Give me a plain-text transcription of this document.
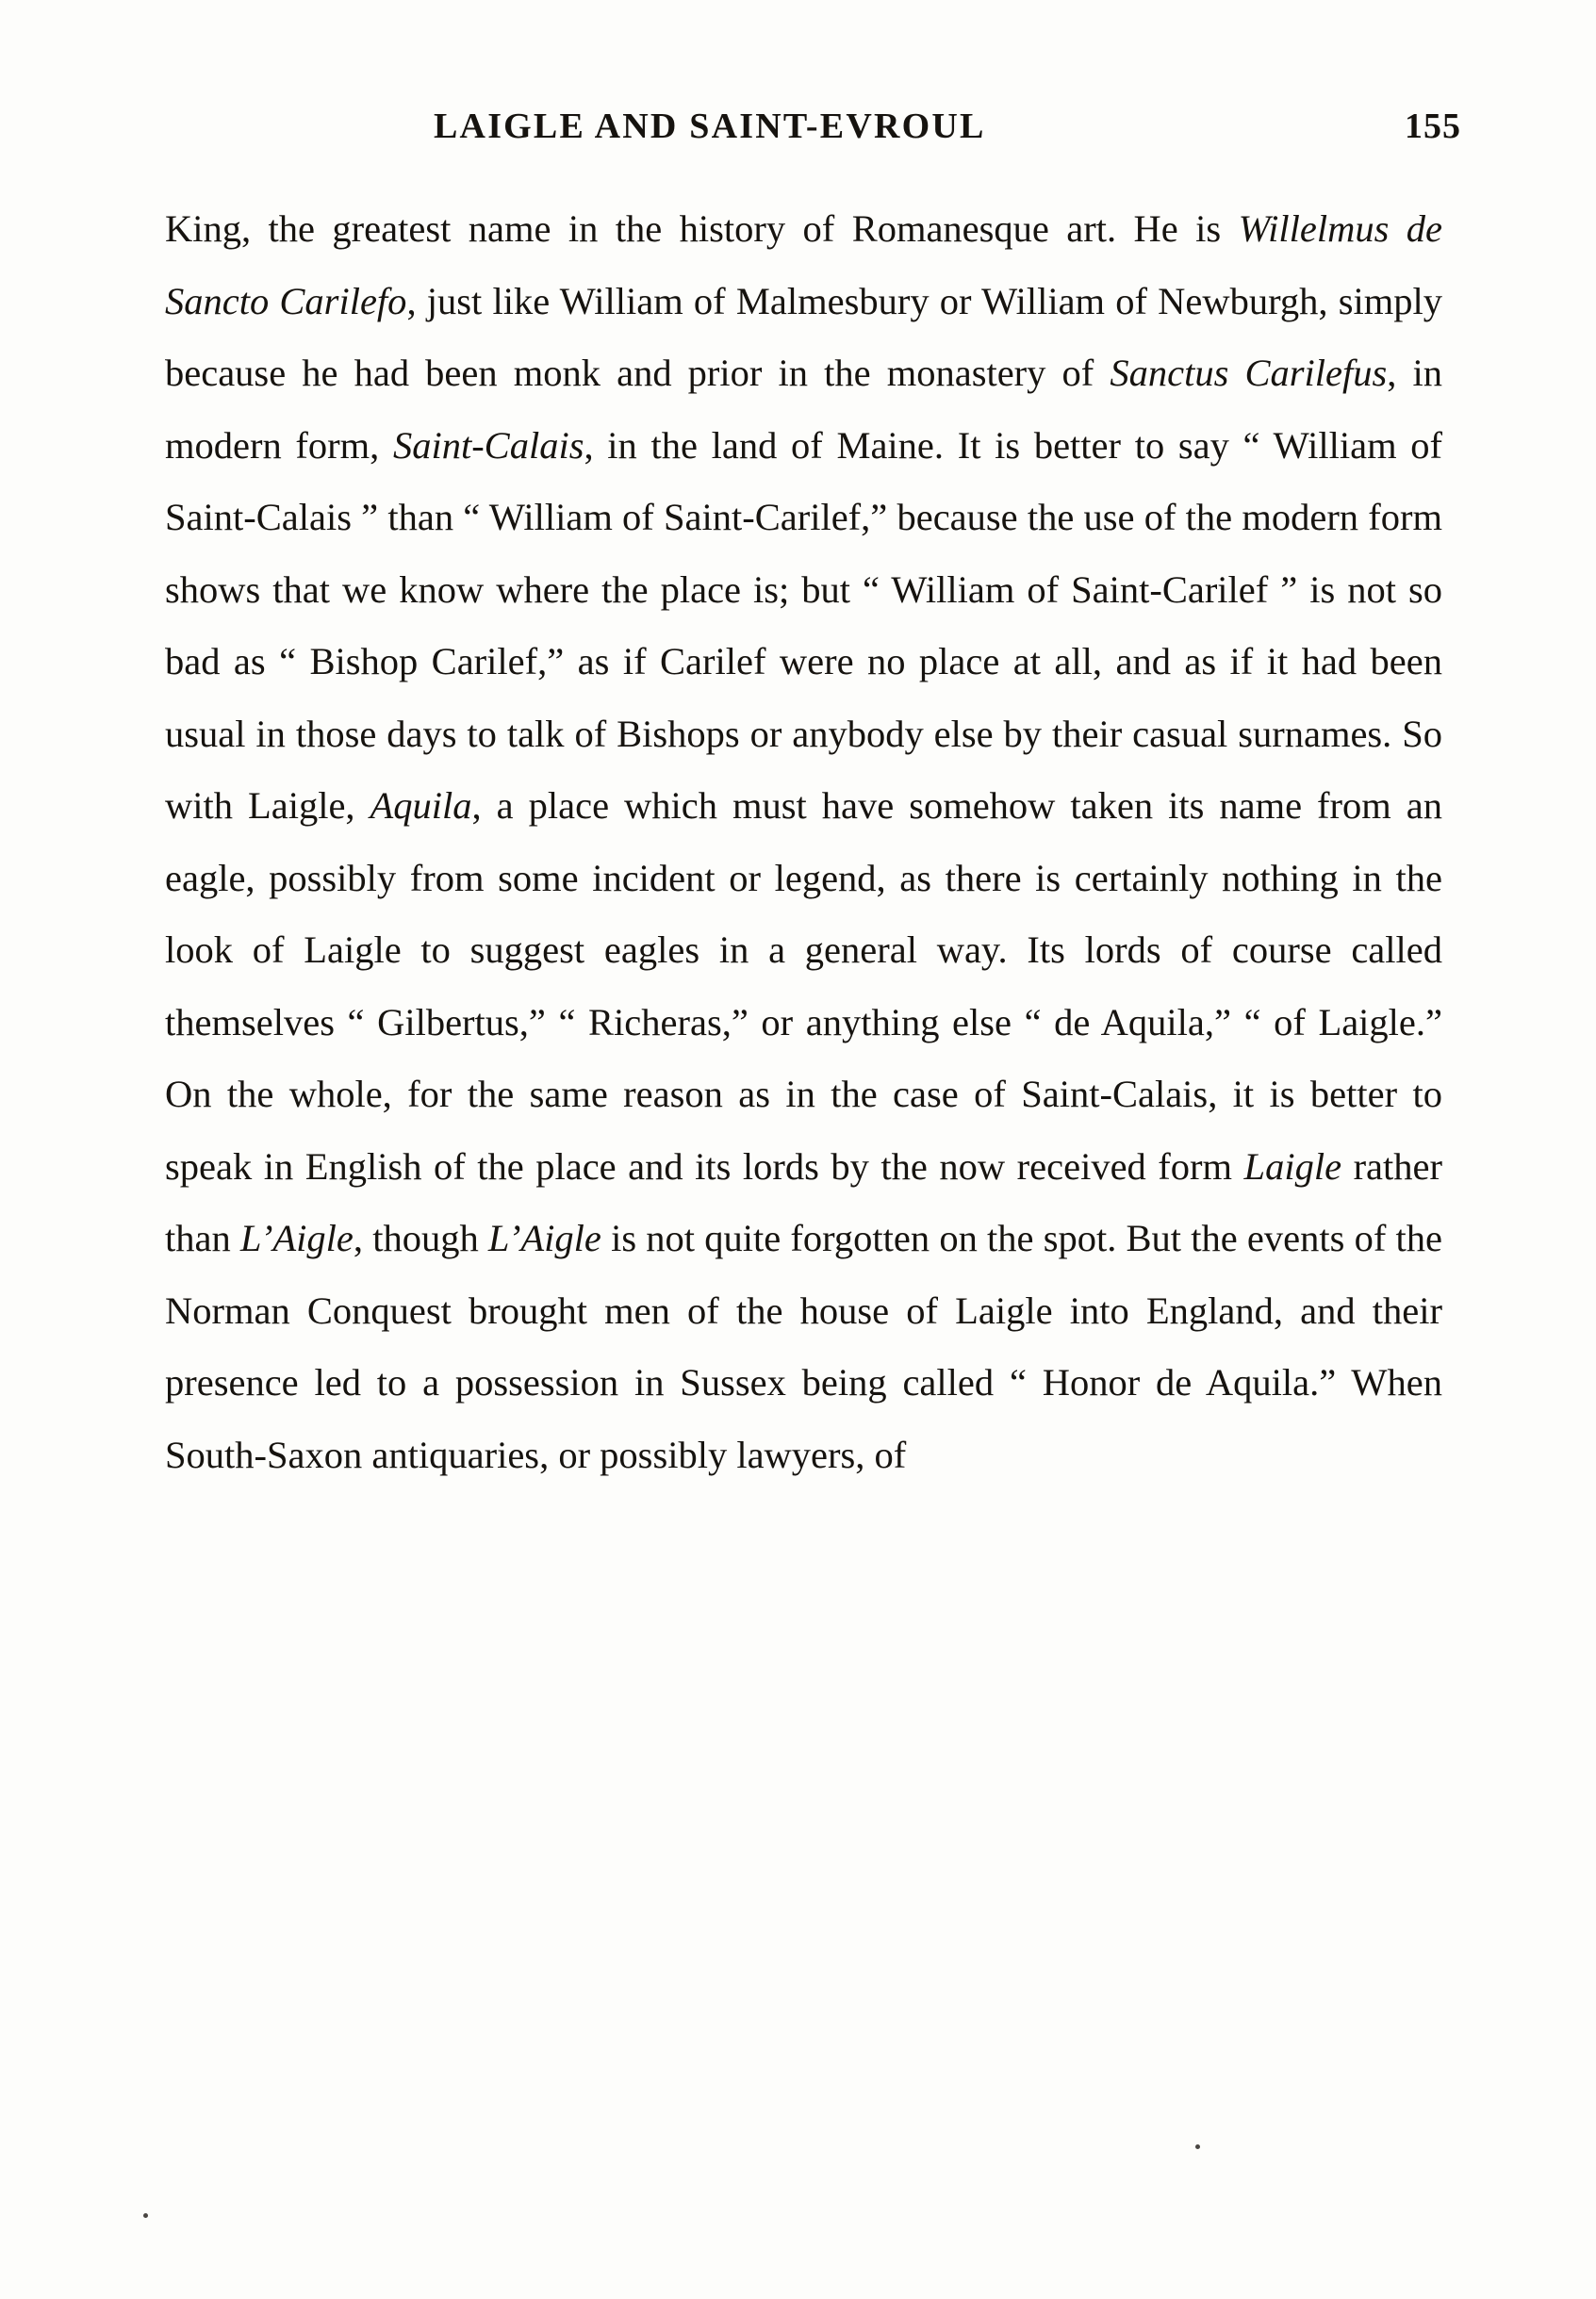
LAIGLE AND SAINT-EVROUL	155

King, the greatest name in the history of Romanesque art. He is Willelmus de Sancto Carilefo, just like William of Malmesbury or William of Newburgh, simply because he had been monk and prior in the monastery of Sanctus Carilefus, in modern form, Saint-Calais, in the land of Maine. It is better to say “ William of Saint-Calais ” than “ William of Saint-Carilef,” because the use of the modern form shows that we know where the place is; but “ William of Saint-Carilef ” is not so bad as “ Bishop Carilef,” as if Carilef were no place at all, and as if it had been usual in those days to talk of Bishops or anybody else by their casual surnames. So with Laigle, Aquila, a place which must have somehow taken its name from an eagle, possibly from some incident or legend, as there is certainly nothing in the look of Laigle to suggest eagles in a general way. Its lords of course called themselves “ Gilbertus,” “ Richeras,” or anything else “ de Aquila,” “ of Laigle.” On the whole, for the same reason as in the case of Saint-Calais, it is better to speak in English of the place and its lords by the now received form Laigle rather than L’Aigle, though L’Aigle is not quite forgotten on the spot. But the events of the Norman Conquest brought men of the house of Laigle into England, and their presence led to a possession in Sussex being called “ Honor de Aquila.” When South-Saxon antiquaries, or possibly lawyers, of
